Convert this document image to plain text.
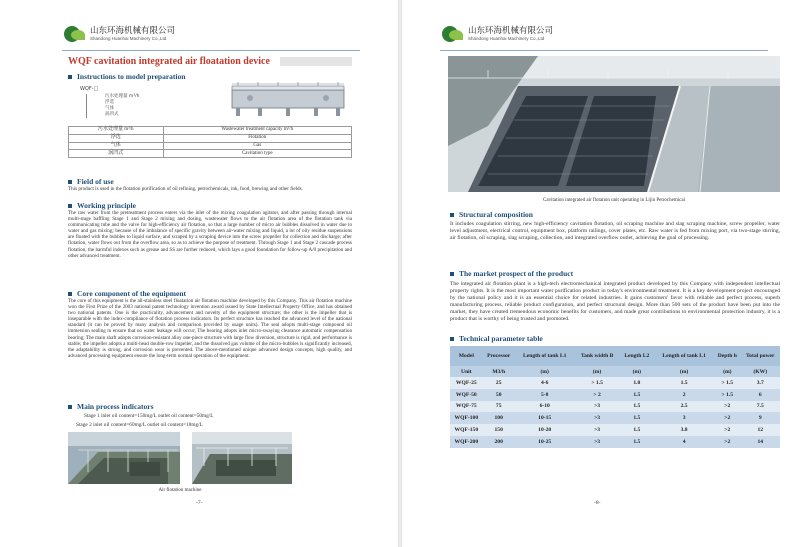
山东环海机械有限公司
Shandong Huanhai Machinery Co.,Ltd
WQF cavitation integrated air floatation device
Instructions to model preparation
WQF-□
污水处理量 m³/h
浮选
气体
涡凹式
污水处理量 m³/h	Wastewater treatment capacity m³/h
浮选	Flotation
气体	Gas
涡凹式	Cavitation type
Field of use
This product is used in the flotation purification of oil refining, petrochemicals, ink, food, brewing and other fields.
Working principle
The raw water from the pretreatment process enters via the inlet of the mixing coagulation agitator, and after passing through internal multi-stage baffling Stage 1 and Stage 2 mixing and dosing, wastewater flows to the air flotation area of the flotation tank via communicating tube and the valve for high-efficiency air flotation, so that a large number of micro air bubbles dissolved in water due to water and gas mixing; because of the imbalance of specific gravity between air-water mixing and liquid, a lot of oily residue suspensions are floated with the bubbles to liquid surface, and scraped by a scraping device into the screw propeller for collection and discharge; after flotation, water flows out from the overflow area, so as to achieve the purpose of treatment. Through Stage 1 and Stage 2 cascade process flotation, the harmful indexes such as grease and SS are further reduced, which lays a good foundation for follow-up A/0 precipitation and other advanced treatment.
Core component of the equipment
The core of this equipment is the all-stainless steel floatation air flotation machine developed by this Company. This air flotation machine won the First Prize of the 2003 national patent technology invention award issued by State Intellectual Property Office, and has obtained two national patents. One is the practicality, advancement and novelty of the equipment structure; the other is the impeller that is inseparable with the index-compliance of flotation process indicators. Its perfect structure has reached the advanced level of the national standard (it can be proved by many analysis and comparison provided by usage units). The seal adopts multi-stage compound oil immersion sealing to ensure that no water leakage will occur; The bearing adopts inlet micro-swaying clearance automatic compensation bearing; The main shaft adopts corrosion-resistant alloy one-piece structure with large flow diversion, structure is rigid, and performance is stable; the impeller adopts a multi-head double-row impeller, and the dissolved gas volume of the micro-bubbles is significantly increased, the adaptability is strong, and corrosion wear is prevented. The above-mentioned unique advanced design concepts, high quality, and advanced processing equipment ensure the long-term normal operation of the equipment.
Main process indicators
Stage 1 inlet oil content=150mg/L outlet oil content=50mg/L
Stage 2 inlet oil content=60mg/L outlet oil content=18mg/L
Air flotation machine
-7-
山东环海机械有限公司
Shandong Huanhai Machinery Co.,Ltd
Cavitation integrated air flotation unit operating in Lijin Petrochemical
Structural composition
It includes coagulation stirring, new high-efficiency cavitation flotation, oil scraping machine and slag scraping machine, screw propeller, water level adjustment, electrical control, equipment box, platform railings, cover plates, etc. Raw water is fed from mixing port, via two-stage stirring, air flotation, oil scraping, slag scraping, collection, and integrated overflow outlet, achieving the goal of processing.
The market prospect of the product
The integrated air flotation plant is a high-tech electromechanical integrated product developed by this Company with independent intellectual property rights. It is the most important water purification product in today's environmental treatment. It is a key development project encouraged by the national policy and it is an essential choice for related industries. It gains customers' favor with reliable and perfect process, superb manufacturing process, reliable product configuration, and perfect structural design. More than 500 sets of the product have been put into the market, they have created tremendous economic benefits for customers, and made great contributions to environmental protection industry, it is a product that is worthy of being trusted and promoted.
Technical parameter table
Model	Processor	Length of tank L1	Tank width B	Length L2	Length of tank L1	Depth h	Total power
Unit	M3/h	(m)	(m)	(m)	(m)	(m)	(KW)
WQF-25	25	4-6	> 1.5	1.0	1.5	> 1.5	3.7
WQF-50	50	5-8	> 2	1.5	2	> 1.5	6
WQF-75	75	6-10	>3	1.5	2.5	>2	7.5
WQF-100	100	10-15	>3	1.5	3	>2	9
WQF-150	150	10-20	>3	1.5	3.8	>2	12
WQF-200	200	10-25	>3	1.5	4	>2	14
-8-
